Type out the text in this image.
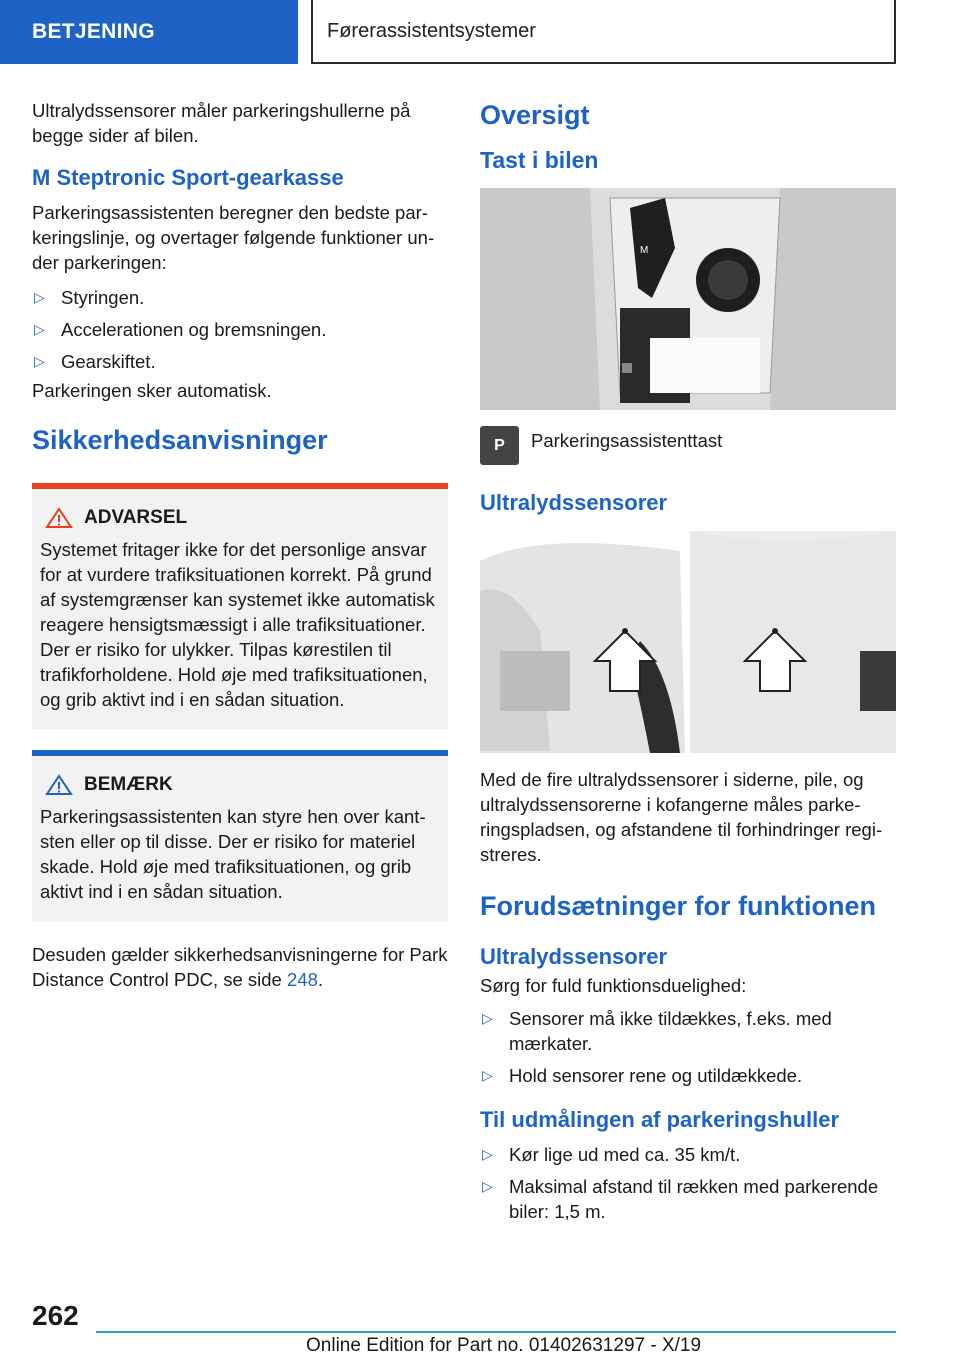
BETJENING	Førerassistentsystemer

Ultralydssensorer måler parkeringshullerne på begge sider af bilen.

M Steptronic Sport-gearkasse

Parkeringsassistenten beregner den bedste parkeringslinje, og overtager følgende funktioner under parkeringen:

▷ Styringen.
▷ Accelerationen og bremsningen.
▷ Gearskiftet.

Parkeringen sker automatisk.

Sikkerhedsanvisninger
ADVARSEL

Systemet fritager ikke for det personlige ansvar for at vurdere trafiksituationen korrekt. På grund af systemgrænser kan systemet ikke automatisk reagere hensigtsmæssigt i alle trafiksituationer. Der er risiko for ulykker. Tilpas kørestilen til trafikforholdene. Hold øje med trafiksituationen, og grib aktivt ind i en sådan situation.

BEMÆRK

Parkeringsassistenten kan styre hen over kantsten eller op til disse. Der er risiko for materiel skade. Hold øje med trafiksituationen, og grib aktivt ind i en sådan situation.

Desuden gælder sikkerhedsanvisningerne for Park Distance Control PDC, se side 248.

Oversigt
Tast i bilen
M
P	Parkeringsassistenttast
Ultralydssensorer

Med de fire ultralydssensorer i siderne, pile, og ultralydssensorerne i kofangerne måles parkeringspladsen, og afstandene til forhindringer registreres.

Forudsætninger for funktionen
Ultralydssensorer

Sørg for fuld funktionsduelighed:

▷ Sensorer må ikke tildækkes, f.eks. med mærkater.
▷ Hold sensorer rene og utildækkede.
Til udmålingen af parkeringshuller
▷ Kør lige ud med ca. 35 km/t.
▷ Maksimal afstand til rækken med parkerende biler: 1,5 m.
262
Online Edition for Part no. 01402631297 - X/19
